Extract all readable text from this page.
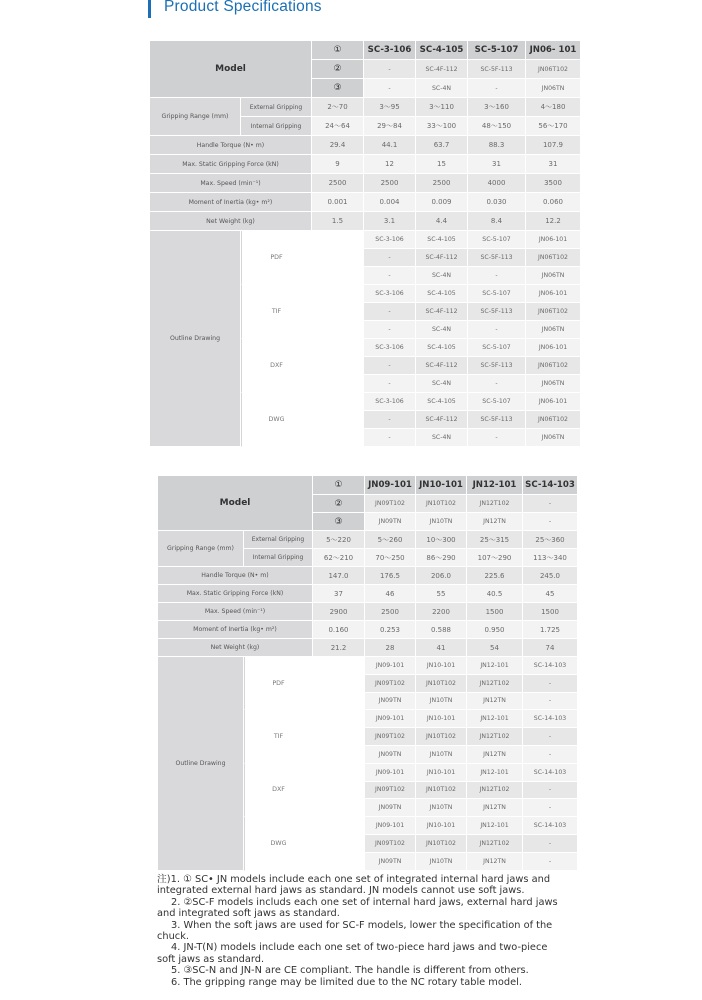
Product Specifications
Model		①	SC-3-106	SC-4-105	SC-5-107	JN06- 101	
		②	-	SC-4F-112	SC-5F-113	JN06T102	
		③	-	SC-4N	-	JN06TN	
Gripping Range (mm)	External Gripping	2～70	3～95	3～110	3～160	4～180	
	Internal Gripping	24～64	29～84	33～100	48～150	56～170	
Handle Torque (N• m)		29.4	44.1	63.7	88.3	107.9	
Max. Static Gripping Force (kN)		9	12	15	31	31	
Max. Speed (min⁻¹)		2500	2500	2500	4000	3500	
Moment of Inertia (kg• m²)		0.001	0.004	0.009	0.030	0.060	
Net Weight (kg)		1.5	3.1	4.4	8.4	12.2	
Outline Drawing	PDF		SC-3-106	SC-4-105	SC-5-107	JN06-101	
			-	SC-4F-112	SC-5F-113	JN06T102	
			-	SC-4N	-	JN06TN	
	TIF		SC-3-106	SC-4-105	SC-5-107	JN06-101	
			-	SC-4F-112	SC-5F-113	JN06T102	
			-	SC-4N	-	JN06TN	
	DXF		SC-3-106	SC-4-105	SC-5-107	JN06-101	
			-	SC-4F-112	SC-5F-113	JN06T102	
			-	SC-4N	-	JN06TN	
	DWG		SC-3-106	SC-4-105	SC-5-107	JN06-101	
			-	SC-4F-112	SC-5F-113	JN06T102	
			-	SC-4N	-	JN06TN	
Model		①	JN09-101	JN10-101	JN12-101	SC-14-103	
		②	JN09T102	JN10T102	JN12T102	-	
		③	JN09TN	JN10TN	JN12TN	-	
Gripping Range (mm)	External Gripping	5～220	5～260	10～300	25～315	25～360	
	Internal Gripping	62～210	70～250	86～290	107～290	113～340	
Handle Torque (N• m)		147.0	176.5	206.0	225.6	245.0	
Max. Static Gripping Force (kN)		37	46	55	40.5	45	
Max. Speed (min⁻¹)		2900	2500	2200	1500	1500	
Moment of Inertia (kg• m²)		0.160	0.253	0.588	0.950	1.725	
Net Weight (kg)		21.2	28	41	54	74	
Outline Drawing	PDF		JN09-101	JN10-101	JN12-101	SC-14-103	
			JN09T102	JN10T102	JN12T102	-	
			JN09TN	JN10TN	JN12TN	-	
	TIF		JN09-101	JN10-101	JN12-101	SC-14-103	
			JN09T102	JN10T102	JN12T102	-	
			JN09TN	JN10TN	JN12TN	-	
	DXF		JN09-101	JN10-101	JN12-101	SC-14-103	
			JN09T102	JN10T102	JN12T102	-	
			JN09TN	JN10TN	JN12TN	-	
	DWG		JN09-101	JN10-101	JN12-101	SC-14-103	
			JN09T102	JN10T102	JN12T102	-	
			JN09TN	JN10TN	JN12TN	-	
注)1. ① SC• JN models include each one set of integrated internal hard jaws and
integrated external hard jaws as standard. JN models cannot use soft jaws.
2. ②SC-F models includs each one set of internal hard jaws, external hard jaws
and integrated soft jaws as standard.
3. When the soft jaws are used for SC-F models, lower the specification of the
chuck.
4. JN-T(N) models include each one set of two-piece hard jaws and two-piece
soft jaws as standard.
5. ③SC-N and JN-N are CE compliant. The handle is different from others.
6. The gripping range may be limited due to the NC rotary table model.
